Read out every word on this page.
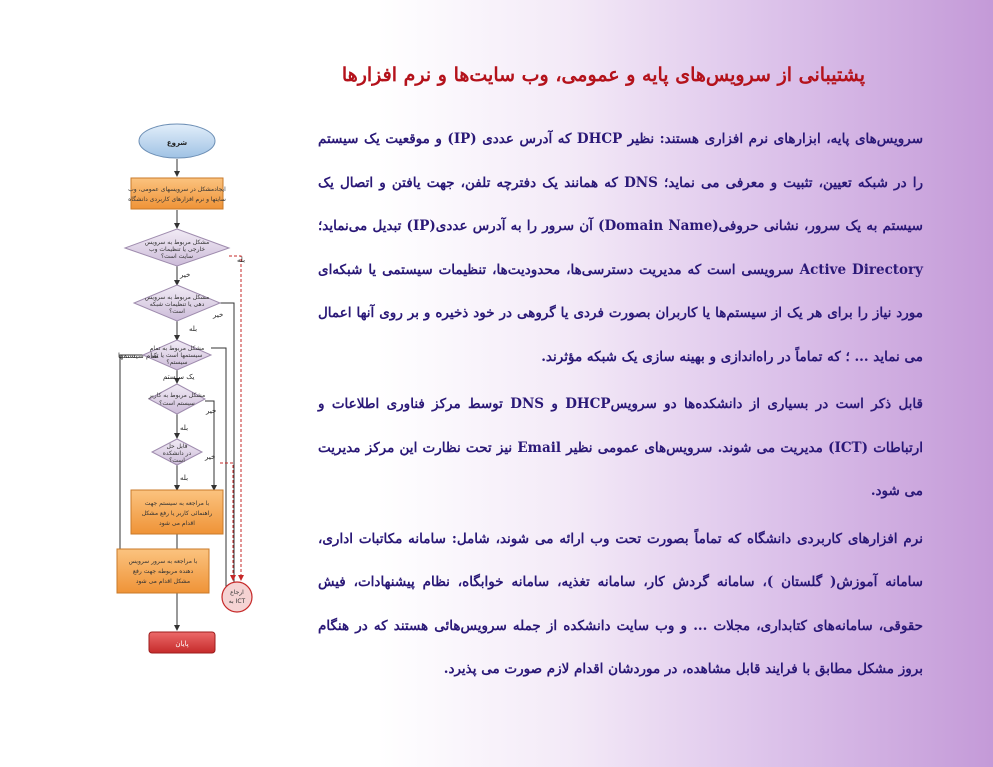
پشتیبانی از سرویس‌های پایه و عمومی، وب سایت‌ها و نرم افزارها

سرویس‌های پایه، ابزارهای نرم افزاری هستند: نظیر DHCP که آدرس عددی (IP) و موقعیت یک سیستم را در شبکه تعیین، تثبیت و معرفی می نماید؛ DNS که همانند یک دفترچه تلفن، جهت یافتن و اتصال یک سیستم به یک سرور، نشانی حروفی(Domain Name) آن سرور را به آدرس عددی(IP) تبدیل می‌نماید؛ Active Directory سرویسی است که مدیریت دسترسی‌ها، محدودیت‌ها، تنظیمات سیستمی یا شبکه‌ای مورد نیاز را برای هر یک از سیستم‌ها یا کاربران بصورت فردی یا گروهی در خود ذخیره و بر روی آنها اعمال می نماید ... ؛ که تماماً در راه‌اندازی و بهینه سازی یک شبکه مؤثرند.

قابل ذکر است در بسیاری از دانشکده‌ها دو سرویسDHCP و DNS توسط مرکز فناوری اطلاعات و ارتباطات (ICT) مدیریت می شوند. سرویس‌های عمومی نظیر Email نیز تحت نظارت این مرکز مدیریت می شود.

نرم افزارهای کاربردی دانشگاه که تماماً بصورت تحت وب ارائه می شوند، شامل: سامانه مکاتبات اداری، سامانه آموزش( گلستان )، سامانه گردش کار، سامانه تغذیه، سامانه خوابگاه، نظام پیشنهادات، فیش حقوقی، سامانه‌های کتابداری، مجلات ... و وب سایت دانشکده از جمله سرویس‌هائی هستند که در هنگام بروز مشکل مطابق با فرایند قابل مشاهده، در موردشان اقدام لازم صورت می پذیرد.

شروع
ایجادمشکل در سرویسهای عمومی، وب
سایتها و نرم افزارهای کاربردی دانشگاه
مشکل مربوط به سرویس
خارجی یا تنظیمات وب
سایت است؟	بله
خیر
مشکل مربوط به سرویس
دهی یا تنظیمات شبکه
است؟	خیر
بله
مشکل مربوط به تمام
سیستمها است یا یک
سیستم؟
تمام سیستمها
یک سیستم
مشکل مربوط به کاربر
سیستم است؟
خیر
بله
قابل حل
در دانشکده
است؟	خیر
بله
با مراجعه به سیستم جهت
راهنمائی کاربر یا رفع مشکل
اقدام می شود
با مراجعه به سرور سرویس
دهنده مربوطه جهت رفع
مشکل اقدام می شود
ارجاع
به ICT
پایان
